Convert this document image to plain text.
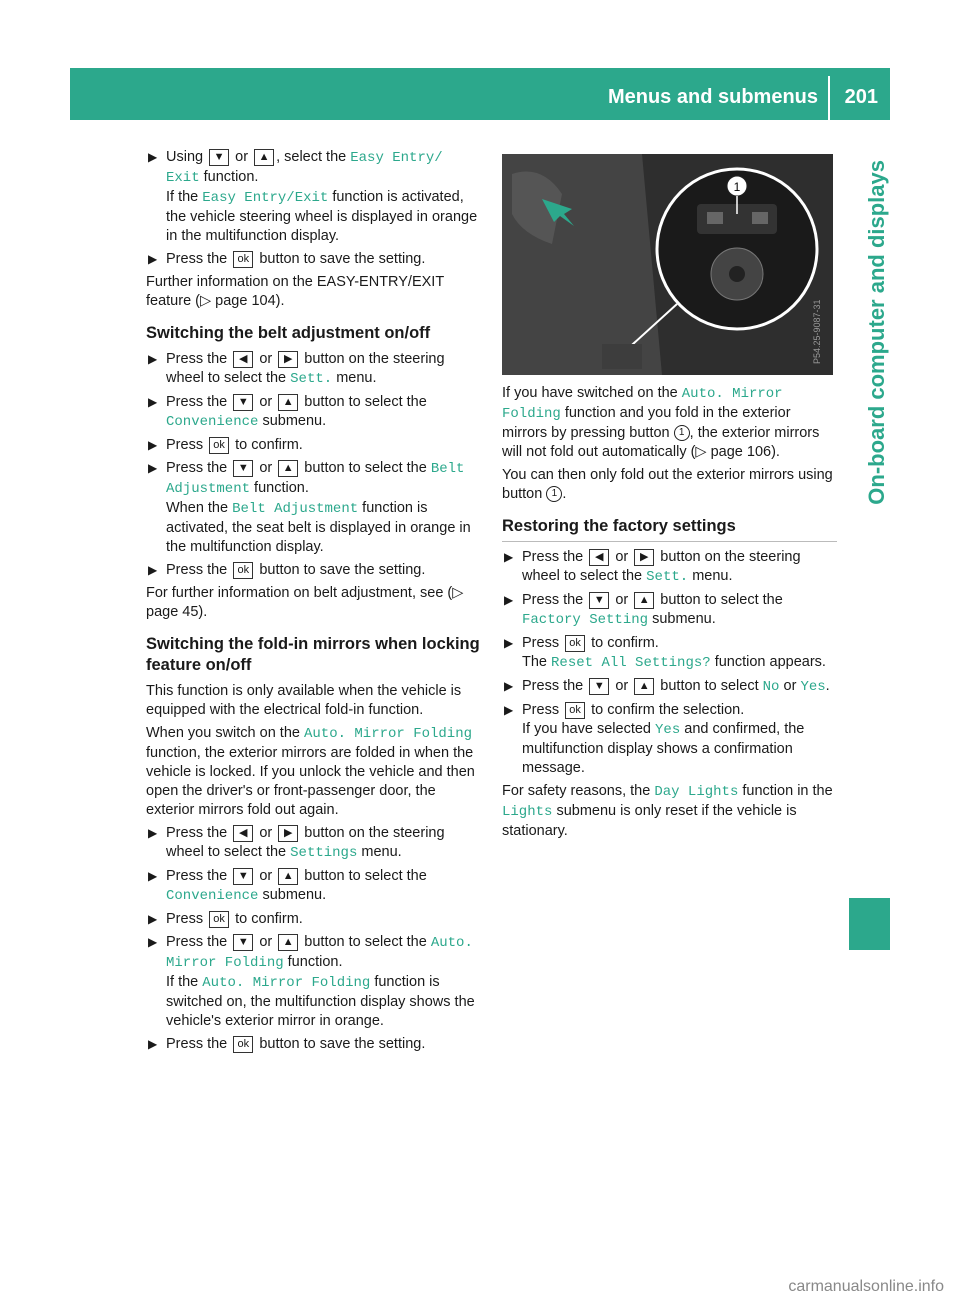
Menus and submenus 201
On-board computer and displays
▶ Using ▼ or ▲ , select the Easy Entry/ Exit function.
If the Easy Entry/Exit function is activated, the vehicle steering wheel is displayed in orange in the multifunction display.
▶ Press the ok button to save the setting.

Further information on the EASY-ENTRY/EXIT feature (▷ page 104).

Switching the belt adjustment on/off
▶ Press the ◀ or ▶ button on the steering wheel to select the Sett. menu.
▶ Press the ▼ or ▲ button to select the Convenience submenu.
▶ Press ok to confirm.
▶ Press the ▼ or ▲ button to select the Belt Adjustment function.
When the Belt Adjustment function is activated, the seat belt is displayed in orange in the multifunction display.
▶ Press the ok button to save the setting.

For further information on belt adjustment, see (▷ page 45).

Switching the fold-in mirrors when locking feature on/off

This function is only available when the vehicle is equipped with the electrical fold-in function.

When you switch on the Auto. Mirror Folding function, the exterior mirrors are folded in when the vehicle is locked. If you unlock the vehicle and then open the driver's or front-passenger door, the exterior mirrors fold out again.

▶ Press the ◀ or ▶ button on the steering wheel to select the Settings menu.
▶ Press the ▼ or ▲ button to select the Convenience submenu.
▶ Press ok to confirm.
▶ Press the ▼ or ▲ button to select the Auto. Mirror Folding function.
If the Auto. Mirror Folding function is switched on, the multifunction display shows the vehicle's exterior mirror in orange.
▶ Press the ok button to save the setting.
1
P54.25-9087-31

If you have switched on the Auto. Mirror Folding function and you fold in the exterior mirrors by pressing button 1 , the exterior mirrors will not fold out automatically (▷ page 106).

You can then only fold out the exterior mirrors using button 1 .

Restoring the factory settings
▶ Press the ◀ or ▶ button on the steering wheel to select the Sett. menu.
▶ Press the ▼ or ▲ button to select the Factory Setting submenu.
▶ Press ok to confirm.
The Reset All Settings? function appears.
▶ Press the ▼ or ▲ button to select No or Yes.
▶ Press ok to confirm the selection.
If you have selected Yes and confirmed, the multifunction display shows a confirmation message.

For safety reasons, the Day Lights function in the Lights submenu is only reset if the vehicle is stationary.

carmanualsonline.info
